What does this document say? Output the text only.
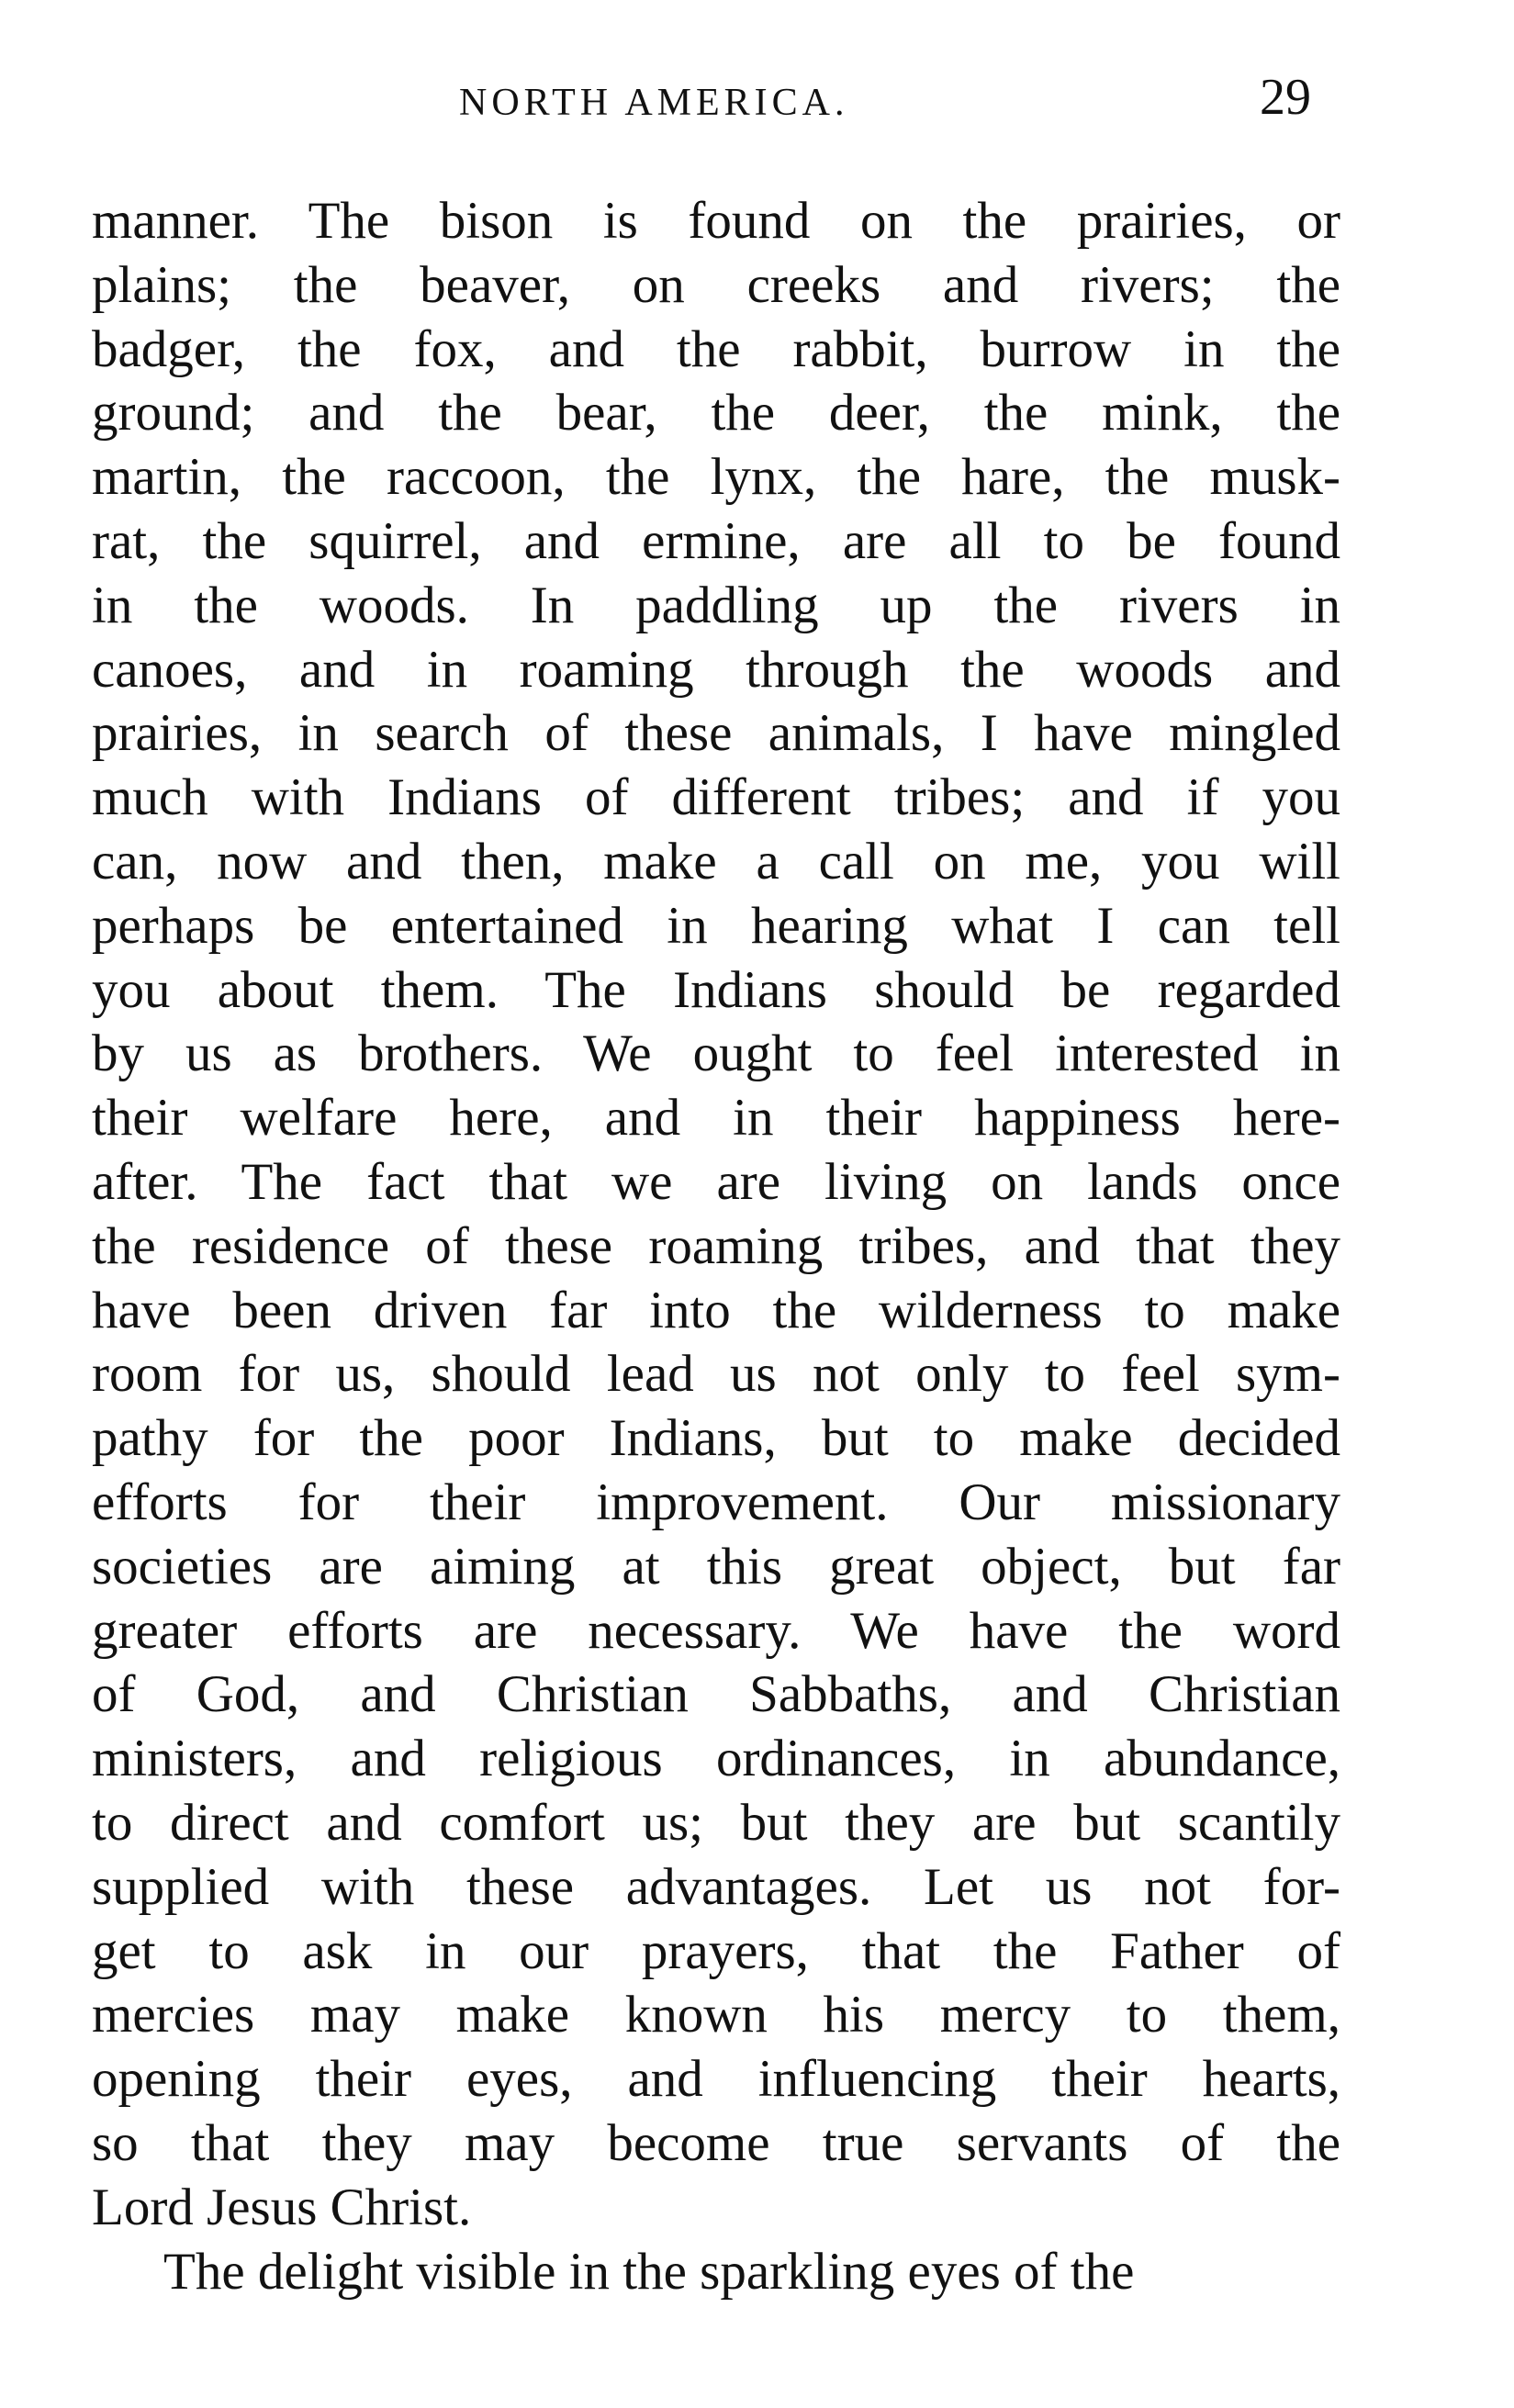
NORTH AMERICA.	29
manner. The bison is found on the prairies, or
plains; the beaver, on creeks and rivers; the
badger, the fox, and the rabbit, burrow in the
ground; and the bear, the deer, the mink, the
martin, the raccoon, the lynx, the hare, the musk-
rat, the squirrel, and ermine, are all to be found
in the woods. In paddling up the rivers in
canoes, and in roaming through the woods and
prairies, in search of these animals, I have mingled
much with Indians of different tribes; and if you
can, now and then, make a call on me, you will
perhaps be entertained in hearing what I can tell
you about them. The Indians should be regarded
by us as brothers. We ought to feel interested in
their welfare here, and in their happiness here-
after. The fact that we are living on lands once
the residence of these roaming tribes, and that they
have been driven far into the wilderness to make
room for us, should lead us not only to feel sym-
pathy for the poor Indians, but to make decided
efforts for their improvement. Our missionary
societies are aiming at this great object, but far
greater efforts are necessary. We have the word
of God, and Christian Sabbaths, and Christian
ministers, and religious ordinances, in abundance,
to direct and comfort us; but they are but scantily
supplied with these advantages. Let us not for-
get to ask in our prayers, that the Father of
mercies may make known his mercy to them,
opening their eyes, and influencing their hearts,
so that they may become true servants of the
Lord Jesus Christ.
The delight visible in the sparkling eyes of the
